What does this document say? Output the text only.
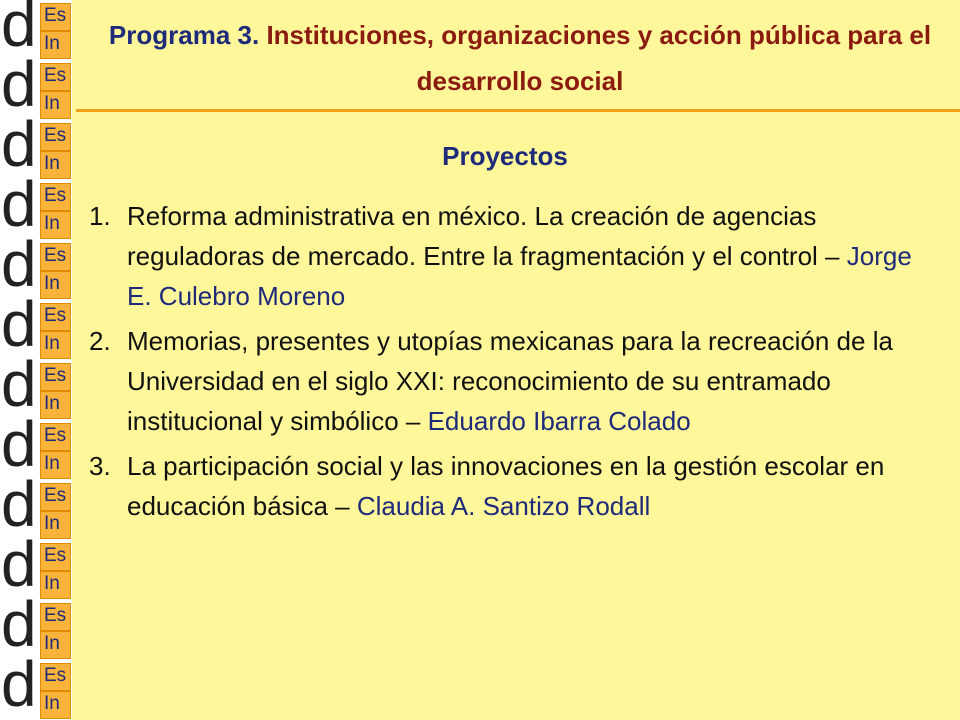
d Es
In
d Es
In
d Es
In
d Es
In
d Es
In
d Es
In
d Es
In
d Es
In
d Es
In
d Es
In
d Es
In
d Es
In
Programa 3. Instituciones, organizaciones y acción pública para el desarrollo social
Proyectos
1. Reforma administrativa en méxico. La creación de agencias reguladoras de mercado. Entre la fragmentación y el control – Jorge E. Culebro Moreno
2. Memorias, presentes y utopías mexicanas para la recreación de la Universidad en el siglo XXI: reconocimiento de su entramado institucional y simbólico – Eduardo Ibarra Colado
3. La participación social y las innovaciones en la gestión escolar en educación básica – Claudia A. Santizo Rodall
